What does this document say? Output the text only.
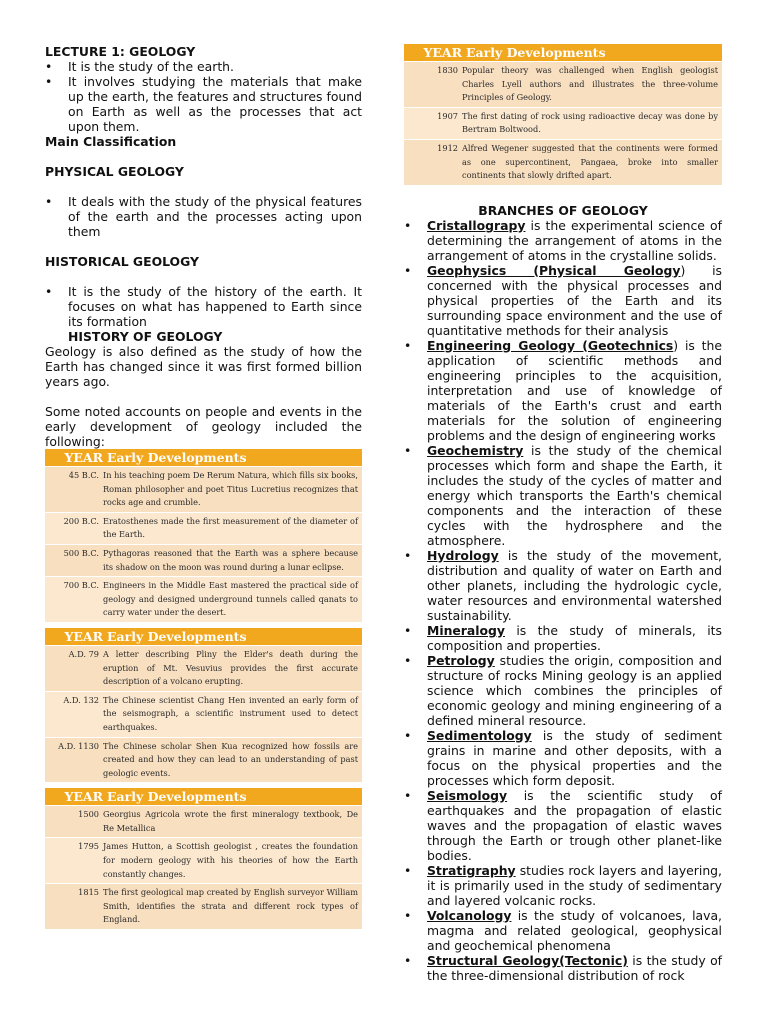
LECTURE 1: GEOLOGY

• It is the study of the earth.
• It involves studying the materials that make up the earth, the features and structures found on Earth as well as the processes that act upon them.

Main Classification

PHYSICAL GEOLOGY

• It deals with the study of the physical features of the earth and the processes acting upon them

HISTORICAL GEOLOGY

• It is the study of the history of the earth. It focuses on what has happened to Earth since its formation

HISTORY OF GEOLOGY

Geology is also defined as the study of how the Earth has changed since it was first formed billion years ago.

Some noted accounts on people and events in the early development of geology included the following:

YEAR Early Developments
45 B.C. In his teaching poem De Rerum Natura, which fills six books, Roman philosopher and poet Titus Lucretius recognizes that rocks age and crumble.
200 B.C. Eratosthenes made the first measurement of the diameter of the Earth.
500 B.C. Pythagoras reasoned that the Earth was a sphere because its shadow on the moon was round during a lunar eclipse.
700 B.C. Engineers in the Middle East mastered the practical side of geology and designed underground tunnels called qanats to carry water under the desert.
YEAR Early Developments
A.D. 79 A letter describing Pliny the Elder's death during the eruption of Mt. Vesuvius provides the first accurate description of a volcano erupting.
A.D. 132 The Chinese scientist Chang Hen invented an early form of the seismograph, a scientific instrument used to detect earthquakes.
A.D. 1130 The Chinese scholar Shen Kua recognized how fossils are created and how they can lead to an understanding of past geologic events.
YEAR Early Developments
1500 Georgius Agricola wrote the first mineralogy textbook, De Re Metallica
1795 James Hutton, a Scottish geologist , creates the foundation for modern geology with his theories of how the Earth constantly changes.
1815 The first geological map created by English surveyor William Smith, identifies the strata and different rock types of England.
YEAR Early Developments
1830 Popular theory was challenged when English geologist Charles Lyell authors and illustrates the three-volume Principles of Geology.
1907 The first dating of rock using radioactive decay was done by Bertram Boltwood.
1912 Alfred Wegener suggested that the continents were formed as one supercontinent, Pangaea, broke into smaller continents that slowly drifted apart.

BRANCHES OF GEOLOGY

• Cristallograpy is the experimental science of determining the arrangement of atoms in the arrangement of atoms in the crystalline solids.
• Geophysics (Physical Geology) is concerned with the physical processes and physical properties of the Earth and its surrounding space environment and the use of quantitative methods for their analysis
• Engineering Geology (Geotechnics) is the application of scientific methods and engineering principles to the acquisition, interpretation and use of knowledge of materials of the Earth's crust and earth materials for the solution of engineering problems and the design of engineering works
• Geochemistry is the study of the chemical processes which form and shape the Earth, it includes the study of the cycles of matter and energy which transports the Earth's chemical components and the interaction of these cycles with the hydrosphere and the atmosphere.
• Hydrology is the study of the movement, distribution and quality of water on Earth and other planets, including the hydrologic cycle, water resources and environmental watershed sustainability.
• Mineralogy is the study of minerals, its composition and properties.
• Petrology studies the origin, composition and structure of rocks Mining geology is an applied science which combines the principles of economic geology and mining engineering of a defined mineral resource.
• Sedimentology is the study of sediment grains in marine and other deposits, with a focus on the physical properties and the processes which form deposit.
• Seismology is the scientific study of earthquakes and the propagation of elastic waves and the propagation of elastic waves through the Earth or trough other planet-like bodies.
• Stratigraphy studies rock layers and layering, it is primarily used in the study of sedimentary and layered volcanic rocks.
• Volcanology is the study of volcanoes, lava, magma and related geological, geophysical and geochemical phenomena
• Structural Geology(Tectonic) is the study of the three-dimensional distribution of rock
